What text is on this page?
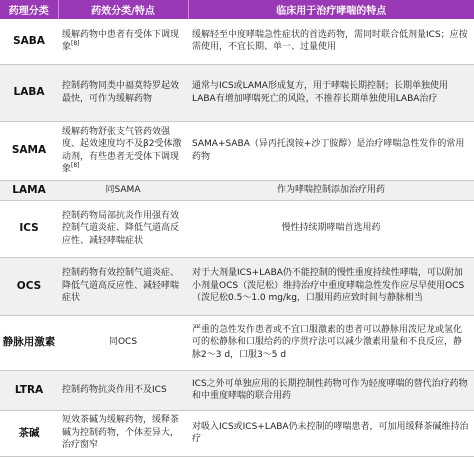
药理分类	药效分类/特点	临床用于治疗哮喘的特点
SABA	缓解药物中患者有受体下调现象[8]	缓解轻至中度哮喘急性症状的首选药物，需同时联合低剂量ICS；应按需使用，不宜长期、单一、过量使用
LABA	控制药物同类中福莫特罗起效最快，可作为缓解药物	通常与ICS或LAMA形成复方，用于哮喘长期控制；长期单独使用LABA有增加哮喘死亡的风险，不推荐长期单独使用LABA治疗
SAMA	缓解药物舒张支气管药效强度、起效速度均不及β2受体激动剂，有些患者无受体下调现象[8]	SAMA+SABA（异丙托溴铵+沙丁胺醇）是治疗哮喘急性发作的常用药物
LAMA	同SAMA	作为哮喘控制添加治疗用药
ICS	控制药物局部抗炎作用强有效控制气道炎症、降低气道高反应性、减轻哮喘症状	慢性持续期哮喘首选用药
OCS	控制药物有效控制气道炎症、降低气道高反应性、减轻哮喘症状	对于大剂量ICS+LABA仍不能控制的慢性重度持续性哮喘，可以附加小剂量OCS（泼尼松）维持治疗中重度哮喘急性发作应尽早使用OCS（泼尼松0.5～1.0 mg/kg，口服用药应致时间与静脉相当
静脉用激素	同OCS	严重的急性发作患者或不宜口服激素的患者可以静脉用泼尼龙或氢化可的松静脉和口服给药的序贯疗法可以减少激素用量和不良反应，静脉2～3 d，口服3～5 d
LTRA	控制药物抗炎作用不及ICS	ICS之外可单独应用的长期控制性药物可作为轻度哮喘的替代治疗药物和中重度哮喘的联合用药
茶碱	短效茶碱为缓解药物，缓释茶碱为控制药物，个体差异大，治疗窗窄	对吸入ICS或ICS+LABA仍未控制的哮喘患者，可加用缓释茶碱维持治疗
